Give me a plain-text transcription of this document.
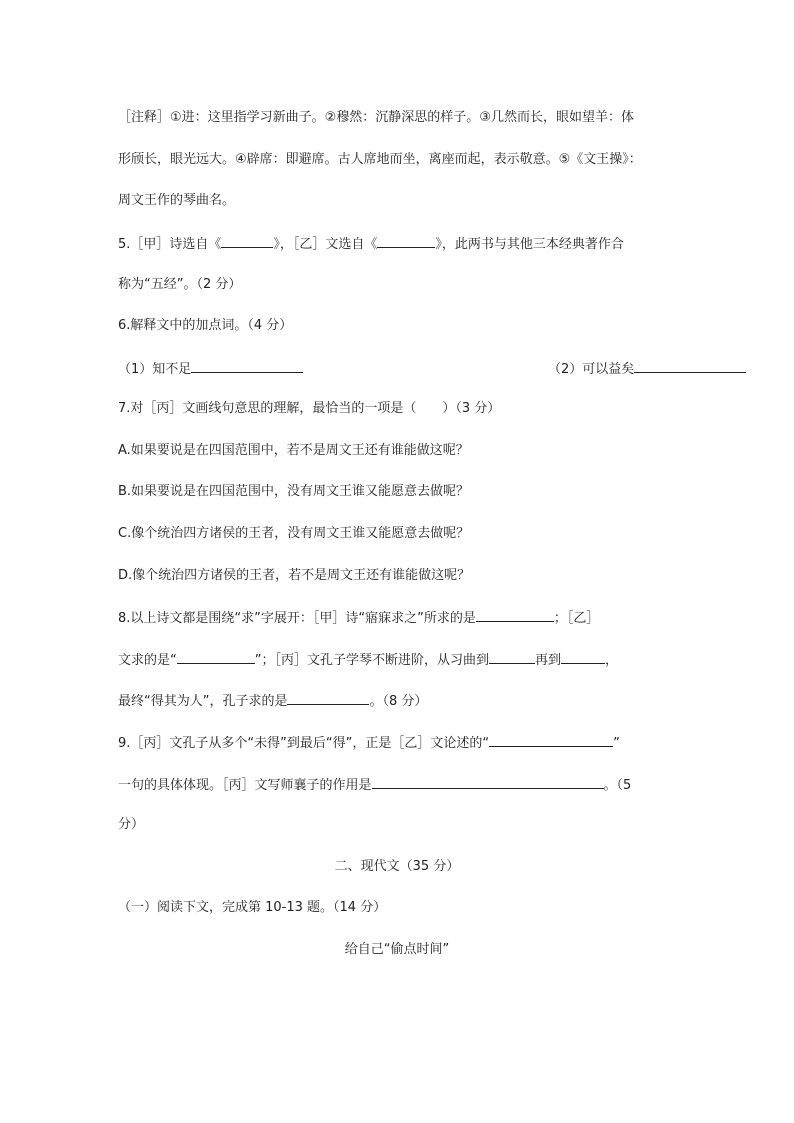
［注释］①进：这里指学习新曲子。②穆然：沉静深思的样子。③几然而长，眼如望羊：体
形颀长，眼光远大。④辟席：即避席。古人席地而坐，离座而起，表示敬意。⑤《文王操》：
周文王作的琴曲名。
5.［甲］诗选自《	》，［乙］文选自《	》，此两书与其他三本经典著作合
称为“五经”。（2 分）
6.解释文中的加点词。（4 分）
（1）知不足	（2）可以益矣
7.对［丙］文画线句意思的理解，最恰当的一项是（　　）（3 分）
A.如果要说是在四国范围中，若不是周文王还有谁能做这呢？
B.如果要说是在四国范围中，没有周文王谁又能愿意去做呢？
C.像个统治四方诸侯的王者，没有周文王谁又能愿意去做呢？
D.像个统治四方诸侯的王者，若不是周文王还有谁能做这呢？
8.以上诗文都是围绕“求”字展开：［甲］诗“寤寐求之”所求的是	；［乙］
文求的是“	”；［丙］文孔子学琴不断进阶，从习曲到	再到	，
最终“得其为人”，孔子求的是	。（8 分）
9.［丙］文孔子从多个“未得”到最后“得”，正是［乙］文论述的“	”
一句的具体体现。［丙］文写师襄子的作用是	。（5
分）
二、现代文（35 分）
（一）阅读下文，完成第 10-13 题。（14 分）
给自己“偷点时间”
